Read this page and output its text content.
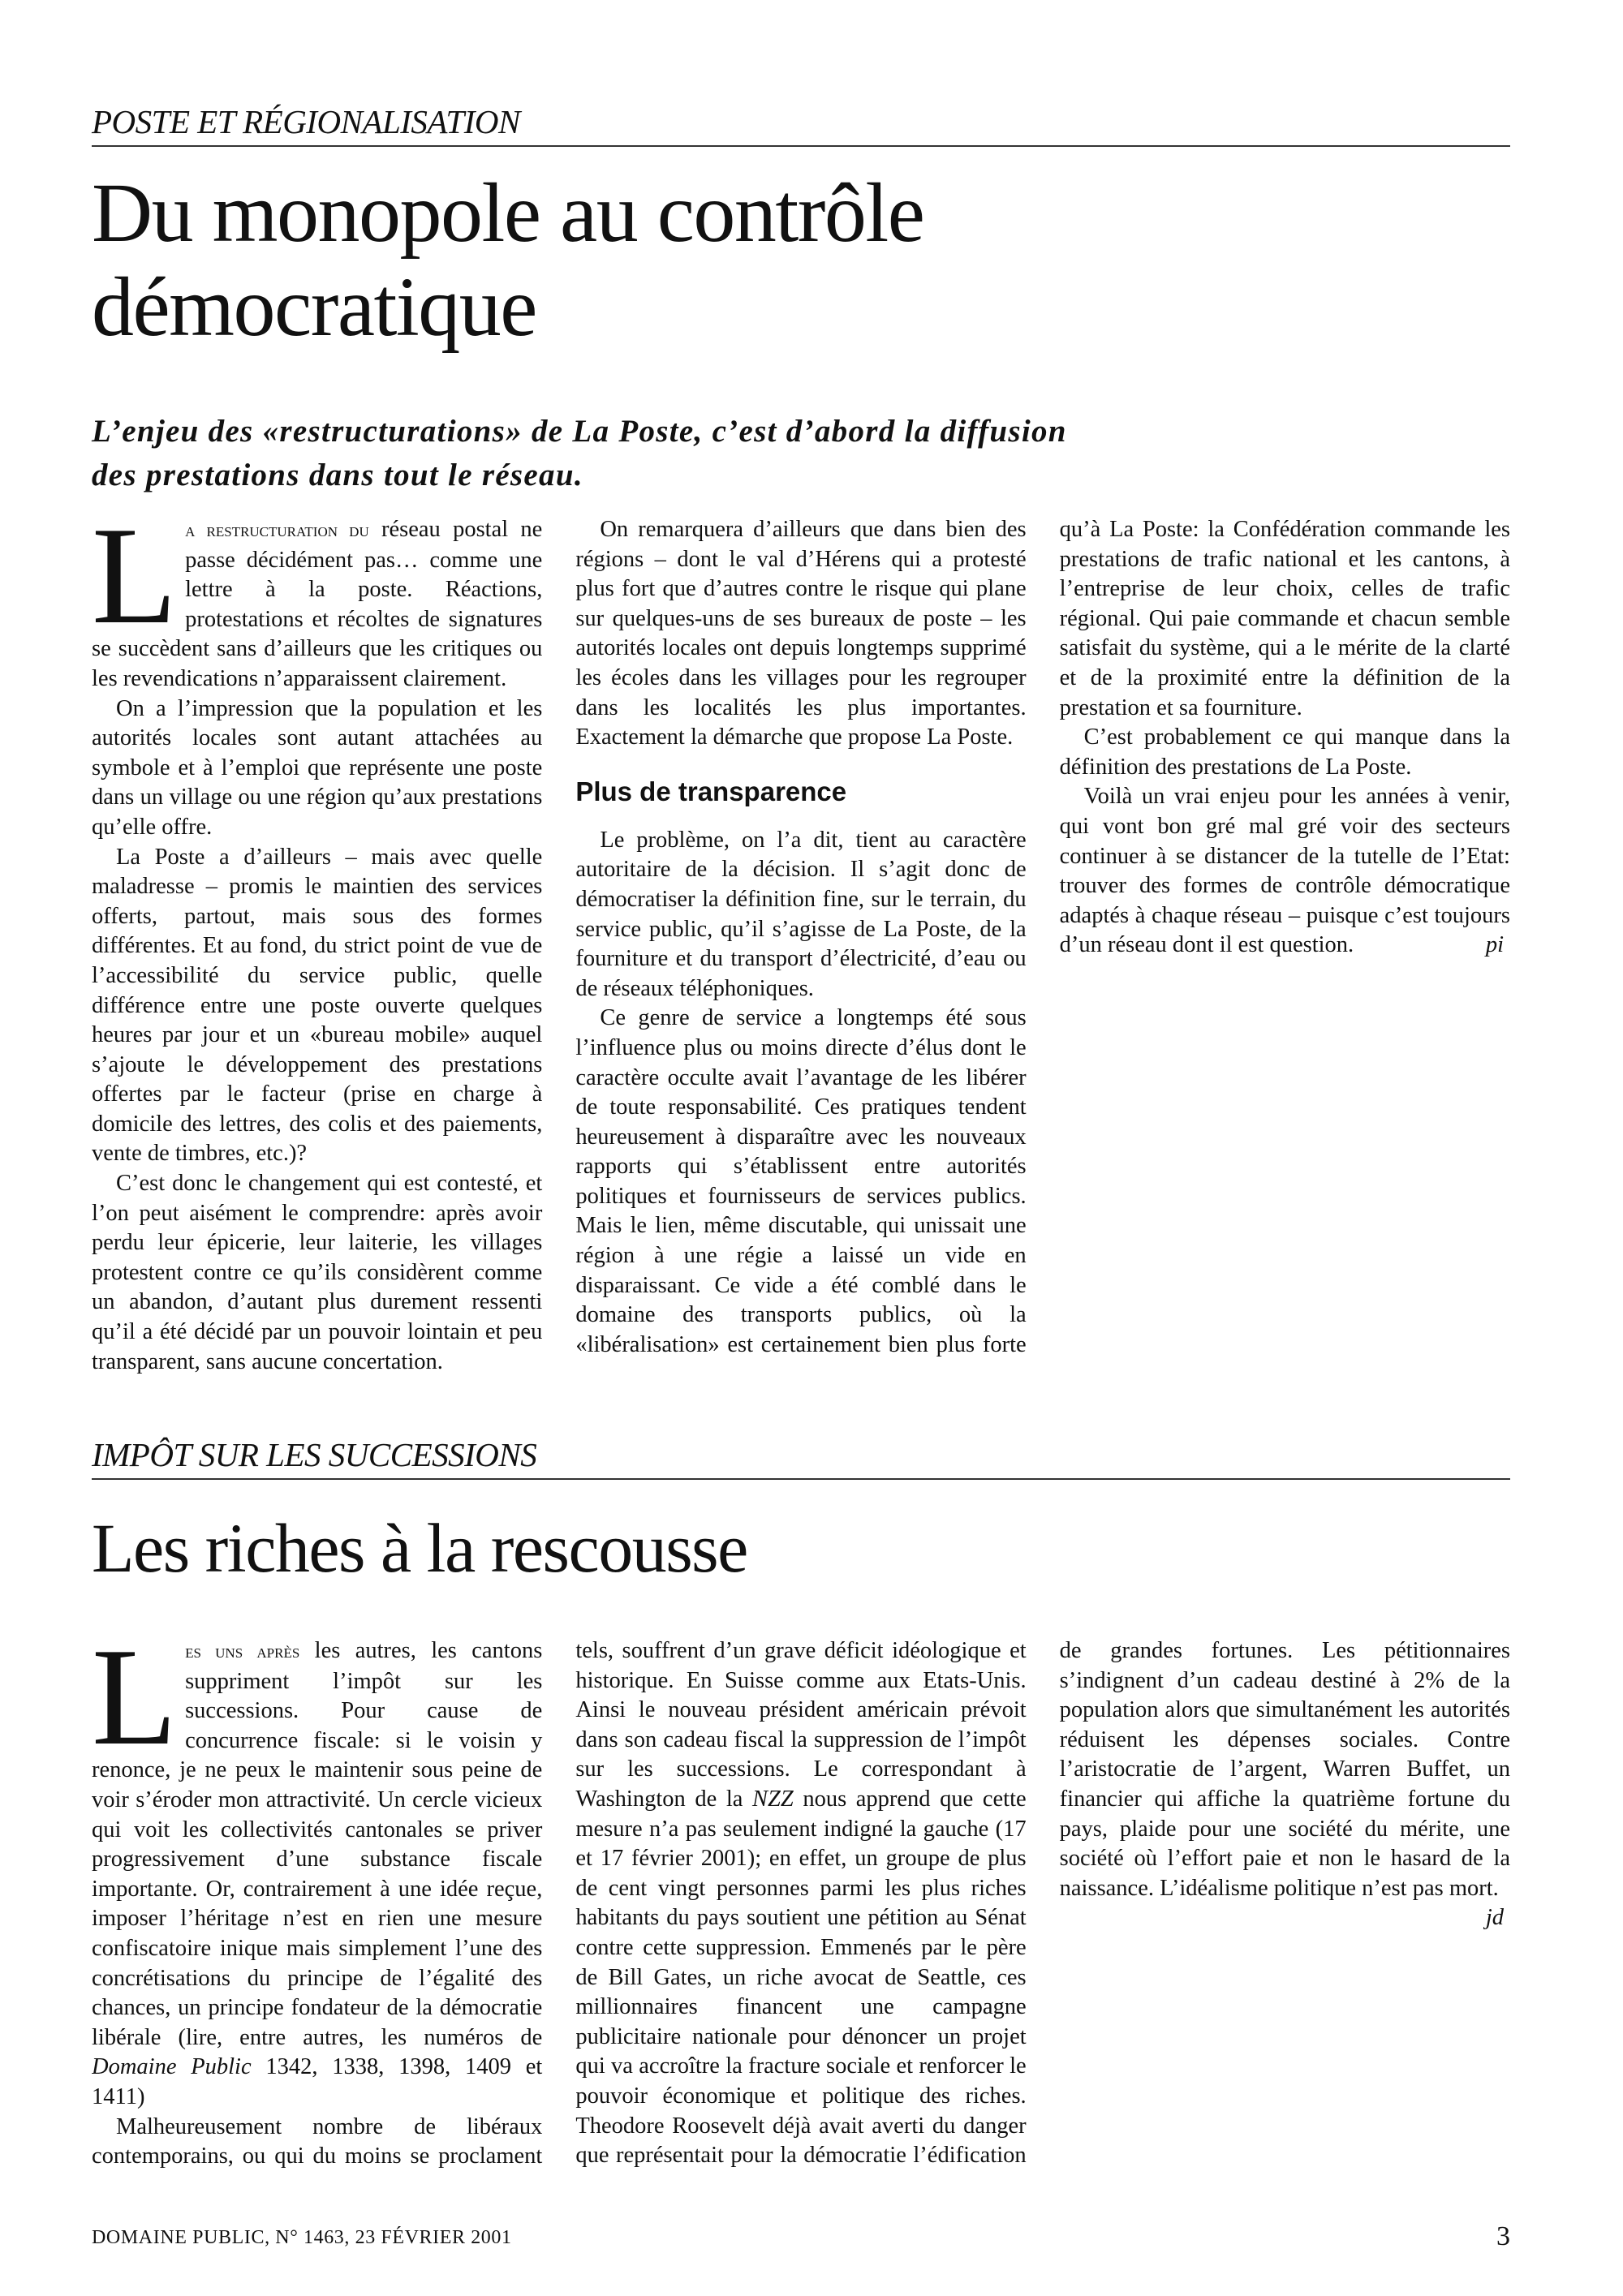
POSTE ET RÉGIONALISATION
Du monopole au contrôle
démocratique

L’enjeu des «restructurations» de La Poste, c’est d’abord la diffusion
des prestations dans tout le réseau.

La restructuration du réseau postal ne passe décidément pas… comme une lettre à la poste. Réactions, protestations et récoltes de signatures se succèdent sans d’ailleurs que les critiques ou les revendications n’apparaissent clairement.

On a l’impression que la population et les autorités locales sont autant attachées au symbole et à l’emploi que représente une poste dans un village ou une région qu’aux prestations qu’elle offre.

La Poste a d’ailleurs – mais avec quelle maladresse – promis le maintien des services offerts, partout, mais sous des formes différentes. Et au fond, du strict point de vue de l’accessibilité du service public, quelle différence entre une poste ouverte quelques heures par jour et un «bureau mobile» auquel s’ajoute le développement des prestations offertes par le facteur (prise en charge à domicile des lettres, des colis et des paiements, vente de timbres, etc.)?

C’est donc le changement qui est contesté, et l’on peut aisément le comprendre: après avoir perdu leur épicerie, leur laiterie, les villages protestent contre ce qu’ils considèrent comme un abandon, d’autant plus durement ressenti qu’il a été décidé par un pouvoir lointain et peu transparent, sans aucune concertation.

On remarquera d’ailleurs que dans bien des régions – dont le val d’Hérens qui a protesté plus fort que d’autres contre le risque qui plane sur quelques-uns de ses bureaux de poste – les autorités locales ont depuis longtemps supprimé les écoles dans les villages pour les regrouper dans les localités les plus importantes. Exactement la démarche que propose La Poste.

Plus de transparence

Le problème, on l’a dit, tient au caractère autoritaire de la décision. Il s’agit donc de démocratiser la définition fine, sur le terrain, du service public, qu’il s’agisse de La Poste, de la fourniture et du transport d’électricité, d’eau ou de réseaux téléphoniques.

Ce genre de service a longtemps été sous l’influence plus ou moins directe d’élus dont le caractère occulte avait l’avantage de les libérer de toute responsabilité. Ces pratiques tendent heureusement à disparaître avec les nouveaux rapports qui s’établissent entre autorités politiques et fournisseurs de services publics. Mais le lien, même discutable, qui unissait une région à une régie a laissé un vide en disparaissant. Ce vide a été comblé dans le domaine des transports publics, où la «libéralisation» est certainement bien plus forte qu’à La Poste: la Confédération commande les prestations de trafic national et les cantons, à l’entreprise de leur choix, celles de trafic régional. Qui paie commande et chacun semble satisfait du système, qui a le mérite de la clarté et de la proximité entre la définition de la prestation et sa fourniture.

C’est probablement ce qui manque dans la définition des prestations de La Poste.

Voilà un vrai enjeu pour les années à venir, qui vont bon gré mal gré voir des secteurs continuer à se distancer de la tutelle de l’Etat: trouver des formes de contrôle démocratique adaptés à chaque réseau – puisque c’est toujours d’un réseau dont il est question.	pi

IMPÔT SUR LES SUCCESSIONS
Les riches à la rescousse

Les uns après les autres, les cantons suppriment l’impôt sur les successions. Pour cause de concurrence fiscale: si le voisin y renonce, je ne peux le maintenir sous peine de voir s’éroder mon attractivité. Un cercle vicieux qui voit les collectivités cantonales se priver progressivement d’une substance fiscale importante. Or, contrairement à une idée reçue, imposer l’héritage n’est en rien une mesure confiscatoire inique mais simplement l’une des concrétisations du principe de l’égalité des chances, un principe fondateur de la démocratie libérale (lire, entre autres, les numéros de Domaine Public 1342, 1338, 1398, 1409 et 1411)

Malheureusement nombre de libéraux contemporains, ou qui du moins se proclament tels, souffrent d’un grave déficit idéologique et historique. En Suisse comme aux Etats-Unis. Ainsi le nouveau président américain prévoit dans son cadeau fiscal la suppression de l’impôt sur les successions. Le correspondant à Washington de la NZZ nous apprend que cette mesure n’a pas seulement indigné la gauche (17 et 17 février 2001); en effet, un groupe de plus de cent vingt personnes parmi les plus riches habitants du pays soutient une pétition au Sénat contre cette suppression. Emmenés par le père de Bill Gates, un riche avocat de Seattle, ces millionnaires financent une campagne publicitaire nationale pour dénoncer un projet qui va accroître la fracture sociale et renforcer le pouvoir économique et politique des riches. Theodore Roosevelt déjà avait averti du danger que représentait pour la démocratie l’édification de grandes fortunes. Les pétitionnaires s’indignent d’un cadeau destiné à 2% de la population alors que simultanément les autorités réduisent les dépenses sociales. Contre l’aristocratie de l’argent, Warren Buffet, un financier qui affiche la quatrième fortune du pays, plaide pour une société du mérite, une société où l’effort paie et non le hasard de la naissance. L’idéalisme politique n’est pas mort.
jd

DOMAINE PUBLIC, N° 1463, 23 FÉVRIER 2001	3
